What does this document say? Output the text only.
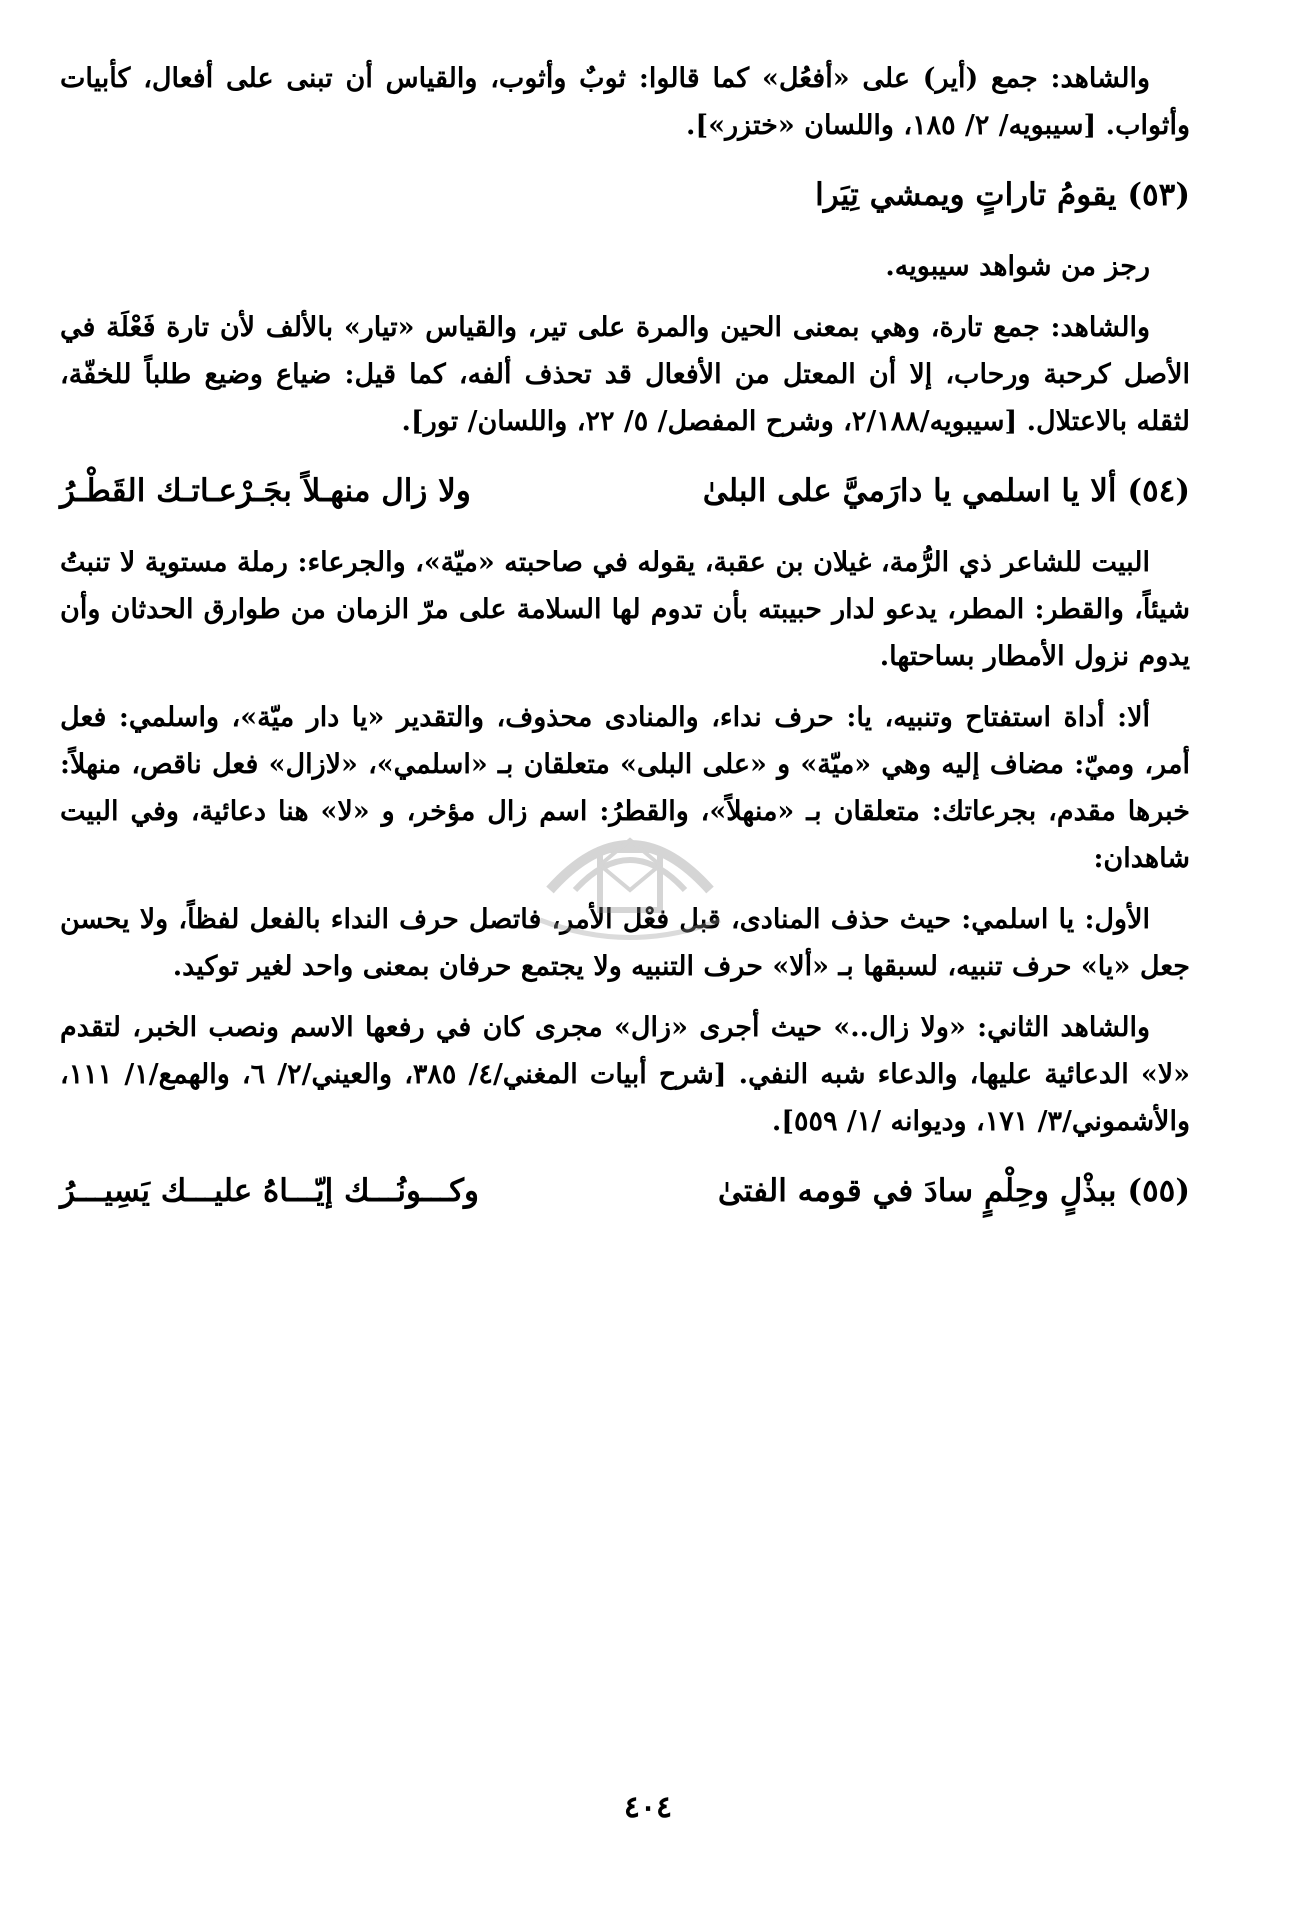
والشاهد: جمع (أير) على «أفعُل» كما قالوا: ثوبٌ وأثوب، والقياس أن تبنى على أفعال، كأبيات وأثواب. [سيبويه/ ٢/ ١٨٥، واللسان «ختزر»].

(٥٣) يقومُ تاراتٍ ويمشي تِيَرا

رجز من شواهد سيبويه.

والشاهد: جمع تارة، وهي بمعنى الحين والمرة على تير، والقياس «تيار» بالألف لأن تارة فَعْلَة في الأصل كرحبة ورحاب، إلا أن المعتل من الأفعال قد تحذف ألفه، كما قيل: ضياع وضيع طلباً للخفّة، لثقله بالاعتلال. [سيبويه/٢/١٨٨، وشرح المفصل/ ٥/ ٢٢، واللسان/ تور].

(٥٤) ألا يا اسلمي يا دارَميَّ على البلىٰ
ولا زال منهـلاً بجَـرْعـاتـك القَطْـرُ

البيت للشاعر ذي الرُّمة، غيلان بن عقبة، يقوله في صاحبته «ميّة»، والجرعاء: رملة مستوية لا تنبتُ شيئاً، والقطر: المطر، يدعو لدار حبيبته بأن تدوم لها السلامة على مرّ الزمان من طوارق الحدثان وأن يدوم نزول الأمطار بساحتها.

ألا: أداة استفتاح وتنبيه، يا: حرف نداء، والمنادى محذوف، والتقدير «يا دار ميّة»، واسلمي: فعل أمر، وميّ: مضاف إليه وهي «ميّة» و «على البلى» متعلقان بـ «اسلمي»، «لازال» فعل ناقص، منهلاً: خبرها مقدم، بجرعاتك: متعلقان بـ «منهلاً»، والقطرُ: اسم زال مؤخر، و «لا» هنا دعائية، وفي البيت شاهدان:

الأول: يا اسلمي: حيث حذف المنادى، قبل فعْل الأمر، فاتصل حرف النداء بالفعل لفظاً، ولا يحسن جعل «يا» حرف تنبيه، لسبقها بـ «ألا» حرف التنبيه ولا يجتمع حرفان بمعنى واحد لغير توكيد.

والشاهد الثاني: «ولا زال..» حيث أجرى «زال» مجرى كان في رفعها الاسم ونصب الخبر، لتقدم «لا» الدعائية عليها، والدعاء شبه النفي. [شرح أبيات المغني/٤/ ٣٨٥، والعيني/٢/ ٦، والهمع/١/ ١١١، والأشموني/٣/ ١٧١، وديوانه /١/ ٥٥٩].

(٥٥) ببذْلٍ وحِلْمٍ سادَ في قومه الفتىٰ
وكـــونُـــك إيّـــاهُ عليـــك يَسِيـــرُ
٤٠٤
